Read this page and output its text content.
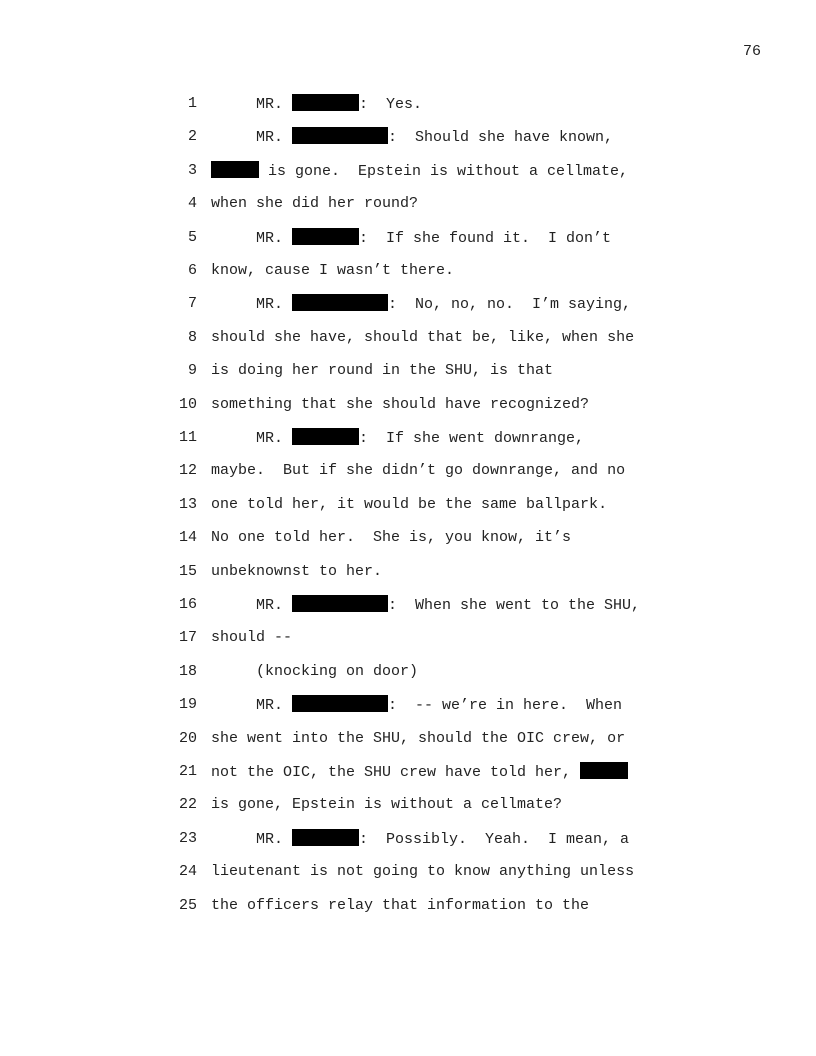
76
1 MR.	:  Yes.
2 MR.	:  Should she have known,
3	is gone.  Epstein is without a cellmate,
4 when she did her round?
5 MR.	:  If she found it.  I don’t
6 know, cause I wasn’t there.
7 MR.	:  No, no, no.  I’m saying,
8 should she have, should that be, like, when she
9 is doing her round in the SHU, is that
10 something that she should have recognized?
11 MR.	:  If she went downrange,
12 maybe.  But if she didn’t go downrange, and no
13 one told her, it would be the same ballpark.
14 No one told her.  She is, you know, it’s
15 unbeknownst to her.
16 MR.	:  When she went to the SHU,
17 should --
18 (knocking on door)
19 MR.	:  -- we’re in here.  When
20 she went into the SHU, should the OIC crew, or
21 not the OIC, the SHU crew have told her,
22 is gone, Epstein is without a cellmate?
23 MR.	:  Possibly.  Yeah.  I mean, a
24 lieutenant is not going to know anything unless
25 the officers relay that information to the
